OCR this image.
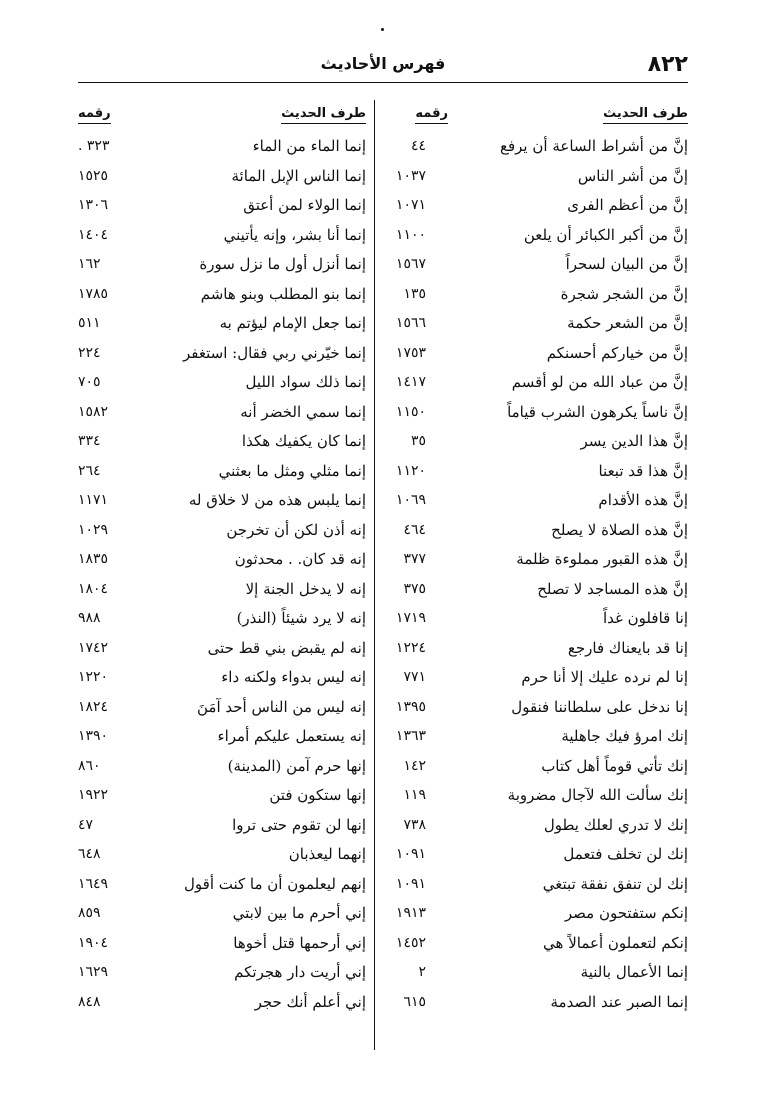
٨٢٢
فهرس الأحاديث
طرف الحديث
رقمه
إنَّ من أشراط الساعة أن يرفع
٤٤
إنَّ من أشر الناس
١٠٣٧
إنَّ من أعظم الفرى
١٠٧١
إنَّ من أكبر الكبائر أن يلعن
١١٠٠
إنَّ من البيان لسحراً
١٥٦٧
إنَّ من الشجر شجرة
١٣٥
إنَّ من الشعر حكمة
١٥٦٦
إنَّ من خياركم أحسنكم
١٧٥٣
إنَّ من عباد الله من لو أقسم
١٤١٧
إنَّ ناساً يكرهون الشرب قياماً
١١٥٠
إنَّ هذا الدين يسر
٣٥
إنَّ هذا قد تبعنا
١١٢٠
إنَّ هذه الأقدام
١٠٦٩
إنَّ هذه الصلاة لا يصلح
٤٦٤
إنَّ هذه القبور مملوءة ظلمة
٣٧٧
إنَّ هذه المساجد لا تصلح
٣٧٥
إنا قافلون غداً
١٧١٩
إنا قد بايعناك فارجع
١٢٢٤
إنا لم نرده عليك إلا أنا حرم
٧٧١
إنا ندخل على سلطاننا فنقول
١٣٩٥
إنك امرؤ فيك جاهلية
١٣٦٣
إنك تأتي قوماً أهل كتاب
١٤٢
إنك سألت الله لآجال مضروبة
١١٩
إنك لا تدري لعلك يطول
٧٣٨
إنك لن تخلف فتعمل
١٠٩١
إنك لن تنفق نفقة تبتغي
١٠٩١
إنكم ستفتحون مصر
١٩١٣
إنكم لتعملون أعمالاً هي
١٤٥٢
إنما الأعمال بالنية
٢
إنما الصبر عند الصدمة
٦١٥
طرف الحديث
رقمه
إنما الماء من الماء
٣٢٣ .
إنما الناس الإبل المائة
١٥٢٥
إنما الولاء لمن أعتق
١٣٠٦
إنما أنا بشر، وإنه يأتيني
١٤٠٤
إنما أنزل أول ما نزل سورة
١٦٢
إنما بنو المطلب وبنو هاشم
١٧٨٥
إنما جعل الإمام ليؤتم به
٥١١
إنما خيّرني ربي فقال: استغفر
٢٢٤
إنما ذلك سواد الليل
٧٠٥
إنما سمي الخضر أنه
١٥٨٢
إنما كان يكفيك هكذا
٣٣٤
إنما مثلي ومثل ما بعثني
٢٦٤
إنما يلبس هذه من لا خلاق له
١١٧١
إنه أذن لكن أن تخرجن
١٠٢٩
إنه قد كان. . محدثون
١٨٣٥
إنه لا يدخل الجنة إلا
١٨٠٤
إنه لا يرد شيئاً (النذر)
٩٨٨
إنه لم يقبض بني قط حتى
١٧٤٢
إنه ليس بدواء ولكنه داء
١٢٢٠
إنه ليس من الناس أحد آمَنَ
١٨٢٤
إنه يستعمل عليكم أمراء
١٣٩٠
إنها حرم آمن (المدينة)
٨٦٠
إنها ستكون فتن
١٩٢٢
إنها لن تقوم حتى تروا
٤٧
إنهما ليعذبان
٦٤٨
إنهم ليعلمون أن ما كنت أقول
١٦٤٩
إني أحرم ما بين لابتي
٨٥٩
إني أرحمها قتل أخوها
١٩٠٤
إني أريت دار هجرتكم
١٦٢٩
إني أعلم أنك حجر
٨٤٨
